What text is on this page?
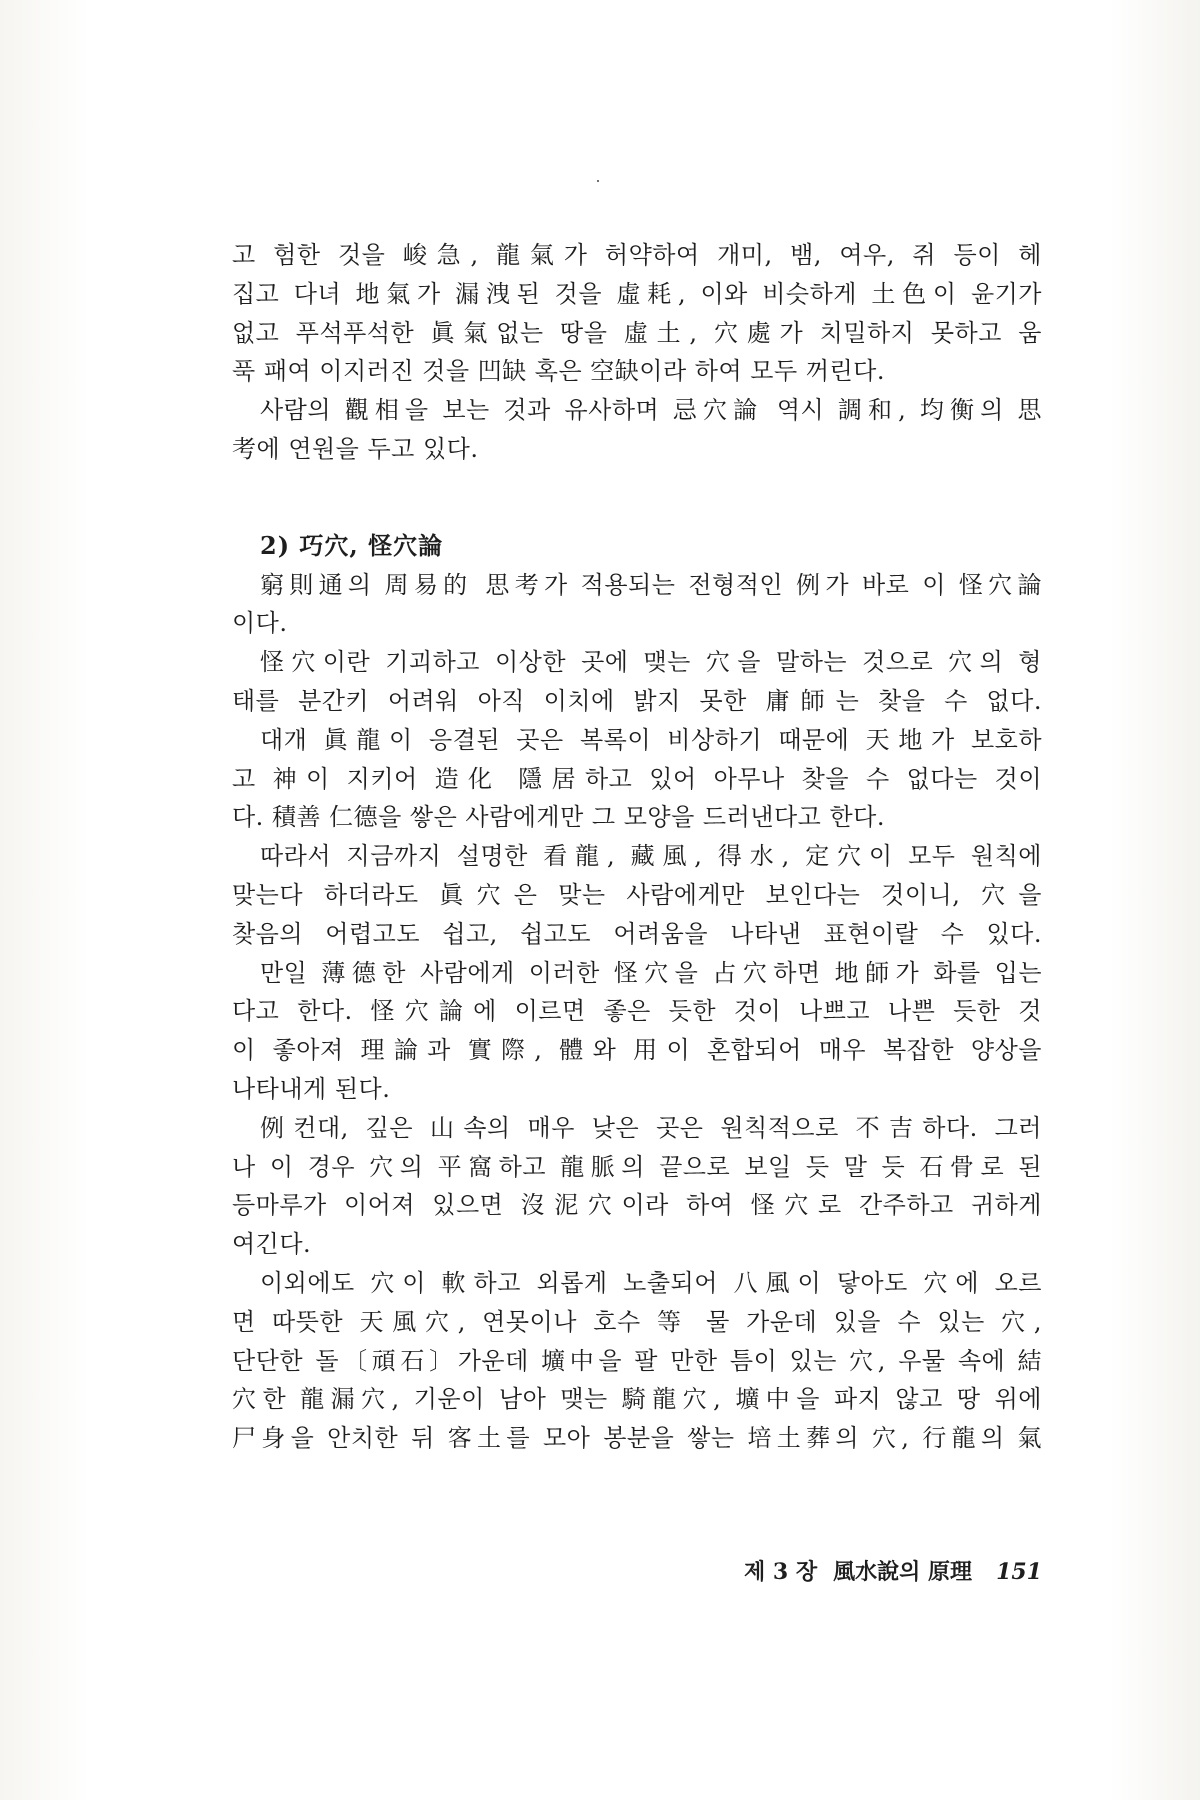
고 험한 것을 峻急, 龍氣가 허약하여 개미, 뱀, 여우, 쥐 등이 헤
집고 다녀 地氣가 漏洩된 것을 虛耗, 이와 비슷하게 土色이 윤기가
없고 푸석푸석한 眞氣없는 땅을 虛土, 穴處가 치밀하지 못하고 움
푹 패여 이지러진 것을 凹缺 혹은 空缺이라 하여 모두 꺼린다.
사람의 觀相을 보는 것과 유사하며 忌穴論 역시 調和, 均衡의 思
考에 연원을 두고 있다.
2) 巧穴, 怪穴論
窮則通의 周易的 思考가 적용되는 전형적인 例가 바로 이 怪穴論
이다.
怪穴이란 기괴하고 이상한 곳에 맺는 穴을 말하는 것으로 穴의 형
태를 분간키 어려워 아직 이치에 밝지 못한 庸師는 찾을 수 없다.
대개 眞龍이 응결된 곳은 복록이 비상하기 때문에 天地가 보호하
고 神이 지키어 造化 隱居하고 있어 아무나 찾을 수 없다는 것이
다. 積善 仁德을 쌓은 사람에게만 그 모양을 드러낸다고 한다.
따라서 지금까지 설명한 看龍, 藏風, 得水, 定穴이 모두 원칙에
맞는다 하더라도 眞穴은 맞는 사람에게만 보인다는 것이니, 穴을
찾음의 어렵고도 쉽고, 쉽고도 어려움을 나타낸 표현이랄 수 있다.
만일 薄德한 사람에게 이러한 怪穴을 占穴하면 地師가 화를 입는
다고 한다. 怪穴論에 이르면 좋은 듯한 것이 나쁘고 나쁜 듯한 것
이 좋아져 理論과 實際, 體와 用이 혼합되어 매우 복잡한 양상을
나타내게 된다.
例컨대, 깊은 山속의 매우 낮은 곳은 원칙적으로 不吉하다. 그러
나 이 경우 穴의 平窩하고 龍脈의 끝으로 보일 듯 말 듯 石骨로 된
등마루가 이어져 있으면 沒泥穴이라 하여 怪穴로 간주하고 귀하게
여긴다.
이외에도 穴이 軟하고 외롭게 노출되어 八風이 닿아도 穴에 오르
면 따뜻한 天風穴, 연못이나 호수 等 물 가운데 있을 수 있는 穴,
단단한 돌〔頑石〕가운데 壙中을 팔 만한 틈이 있는 穴, 우물 속에 結
穴한 龍漏穴, 기운이 남아 맺는 騎龍穴, 壙中을 파지 않고 땅 위에
尸身을 안치한 뒤 客土를 모아 봉분을 쌓는 培土葬의 穴, 行龍의 氣
제 3 장 風水說의 原理 151
